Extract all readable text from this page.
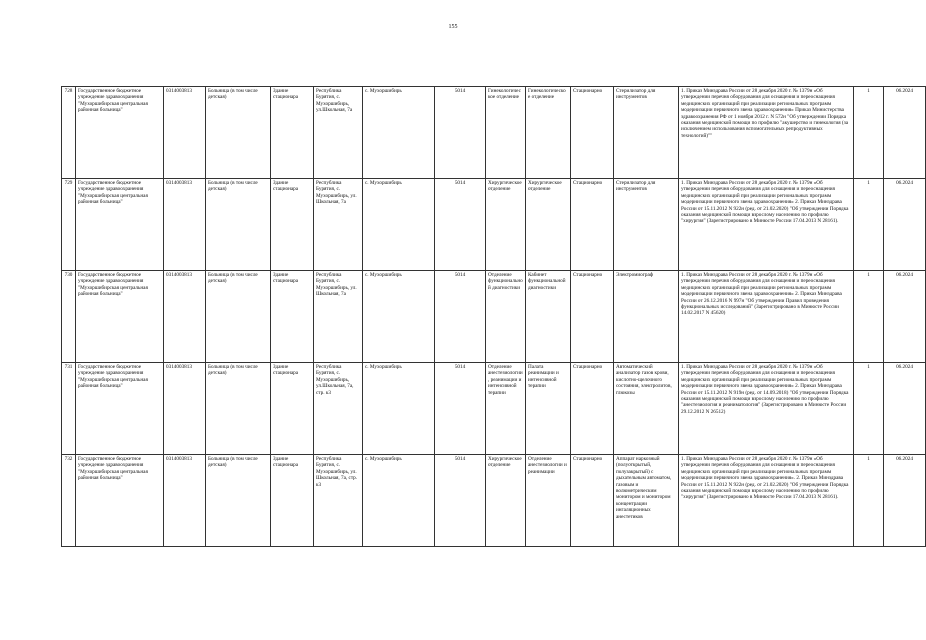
155
728	Государственное бюджетное учреждение здравоохранения "Мухоршибирская центральная районная больница"	0314003813	Больница (в том числе детская)	Здание стационара	Республика Бурятия, с. Мухоршибирь, ул.Школьная, 7а	с. Мухоршибирь	5014	Гинекологическое отделение	Гинекологическое отделение	Стационарно	Стерилизатор для инструментов	1. Приказ Минздрава России от 28 декабря 2020 г. № 1379н «Об утверждении перечня оборудования для оснащения и переоснащения медицинских организаций при реализации региональных программ модернизации первичного звена здравоохранения» Приказ Министерства здравоохранения РФ от 1 ноября 2012 г. N 572н "Об утверждении Порядка оказания медицинской помощи по профилю "акушерство и гинекология (за исключением использования вспомогательных репродуктивных технологий)""	1	06.2024
729	Государственное бюджетное учреждение здравоохранения "Мухоршибирская центральная районная больница"	0314003813	Больница (в том числе детская)	Здание стационара	Республика Бурятия, с. Мухоршибирь, ул. Школьная, 7а	с. Мухоршибирь	5014	Хирургическое отделение	Хирургическое отделение	Стационарно	Стерилизатор для инструментов	1. Приказ Минздрава России от 28 декабря 2020 г. № 1379н «Об утверждении перечня оборудования для оснащения и переоснащения медицинских организаций при реализации региональных программ модернизации первичного звена здравоохранения» 2. Приказ Минздрава России от 15.11.2012 N 922н (ред. от 21.02.2020) "Об утверждении Порядка оказания медицинской помощи взрослому населению по профилю "хирургия" (Зарегистрировано в Минюсте России 17.04.2013 N 28161).	1	06.2024
730	Государственное бюджетное учреждение здравоохранения "Мухоршибирская центральная районная больница"	0314003813	Больница (в том числе детская)	Здание стационара	Республика Бурятия, с. Мухоршибирь, ул. Школьная, 7а	с. Мухоршибирь	5014	Отделение функциональной диагностики	Кабинет функциональной диагностики	Стационарно	Электромиограф	1. Приказ Минздрава России от 28 декабря 2020 г. № 1379н «Об утверждении перечня оборудования для оснащения и переоснащения медицинских организаций при реализации региональных программ модернизации первичного звена здравоохранения» 2. Приказ Минздрава России от 26.12.2016 N 997н "Об утверждении Правил проведения функциональных исследований" (Зарегистрировано в Минюсте России 14.02.2017 N 45620)	1	06.2024
731	Государственное бюджетное учреждение здравоохранения "Мухоршибирская центральная районная больница"	0314003813	Больница (в том числе детская)	Здание стационара	Республика Бурятия, с. Мухоршибирь, ул.Школьная, 7а, стр. к3	с. Мухоршибирь	5014	Отделение анестезиологии, реанимации и интенсивной терапии	Палата реанимации и интенсивной терапии	Стационарно	Автоматический анализатор газов крови, кислотно-щелочного состояния, электролитов, глюкозы	1. Приказ Минздрава России от 28 декабря 2020 г. № 1379н «Об утверждении перечня оборудования для оснащения и переоснащения медицинских организаций при реализации региональных программ модернизации первичного звена здравоохранения» 2. Приказ Минздрава России от 15.11.2012 N 919н (ред. от 14.09.2018) "Об утверждении Порядка оказания медицинской помощи взрослому населению по профилю "анестезиология и реаниматология" (Зарегистрировано в Минюсте России 29.12.2012 N 26512)	1	06.2024
732	Государственное бюджетное учреждение здравоохранения "Мухоршибирская центральная районная больница"	0314003813	Больница (в том числе детская)	Здание стационара	Республика Бурятия, с. Мухоршибирь, ул. Школьная, 7а, стр. к3	с. Мухоршибирь	5014	Хирургическое отделение	Отделение анестезиологии и реанимации	Стационарно	Аппарат наркозный (полуоткрытый, полузакрытый) с дыхательным автоматом, газовым и волюметрическим монитором и монитором концентрации ингаляционных анестетиков	1. Приказ Минздрава России от 28 декабря 2020 г. № 1379н «Об утверждении перечня оборудования для оснащения и переоснащения медицинских организаций при реализации региональных программ модернизации первичного звена здравоохранения». 2. Приказ Минздрава России от 15.11.2012 N 922н (ред. от 21.02.2020) "Об утверждении Порядка оказания медицинской помощи взрослому населению по профилю "хирургия" (Зарегистрировано в Минюсте России 17.04.2013 N 28161).	1	06.2024
